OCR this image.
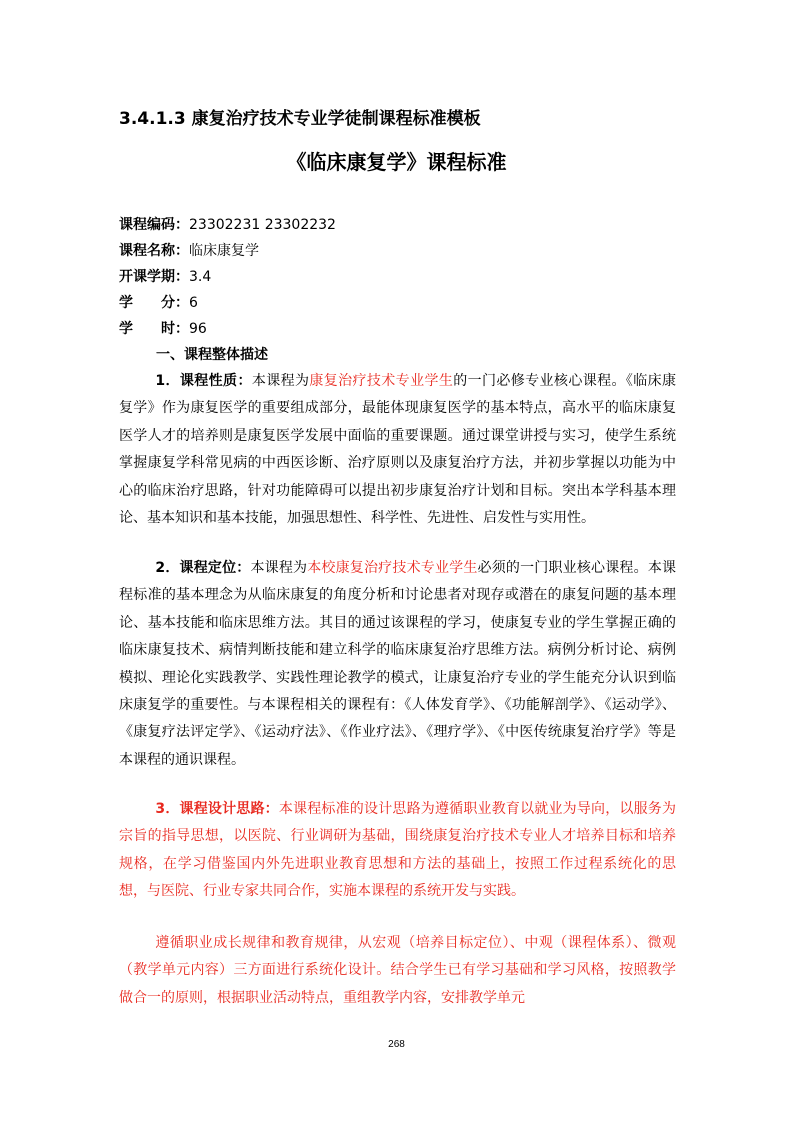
3.4.1.3 康复治疗技术专业学徒制课程标准模板
《临床康复学》课程标准
课程编码：23302231 23302232
课程名称：临床康复学
开课学期：3.4
学　　分：6
学　　时：96
一、课程整体描述

1．课程性质：本课程为康复治疗技术专业学生的一门必修专业核心课程。《临床康复学》作为康复医学的重要组成部分，最能体现康复医学的基本特点，高水平的临床康复医学人才的培养则是康复医学发展中面临的重要课题。通过课堂讲授与实习，使学生系统掌握康复学科常见病的中西医诊断、治疗原则以及康复治疗方法，并初步掌握以功能为中心的临床治疗思路，针对功能障碍可以提出初步康复治疗计划和目标。突出本学科基本理论、基本知识和基本技能，加强思想性、科学性、先进性、启发性与实用性。

2．课程定位：本课程为本校康复治疗技术专业学生必须的一门职业核心课程。本课程标准的基本理念为从临床康复的角度分析和讨论患者对现存或潜在的康复问题的基本理论、基本技能和临床思维方法。其目的通过该课程的学习，使康复专业的学生掌握正确的临床康复技术、病情判断技能和建立科学的临床康复治疗思维方法。病例分析讨论、病例模拟、理论化实践教学、实践性理论教学的模式，让康复治疗专业的学生能充分认识到临床康复学的重要性。与本课程相关的课程有：《人体发育学》、《功能解剖学》、《运动学》、《康复疗法评定学》、《运动疗法》、《作业疗法》、《理疗学》、《中医传统康复治疗学》等是本课程的通识课程。

3．课程设计思路：本课程标准的设计思路为遵循职业教育以就业为导向，以服务为宗旨的指导思想，以医院、行业调研为基础，围绕康复治疗技术专业人才培养目标和培养规格，在学习借鉴国内外先进职业教育思想和方法的基础上，按照工作过程系统化的思想，与医院、行业专家共同合作，实施本课程的系统开发与实践。

遵循职业成长规律和教育规律，从宏观（培养目标定位）、中观（课程体系）、微观（教学单元内容）三方面进行系统化设计。结合学生已有学习基础和学习风格，按照教学做合一的原则，根据职业活动特点，重组教学内容，安排教学单元

268
